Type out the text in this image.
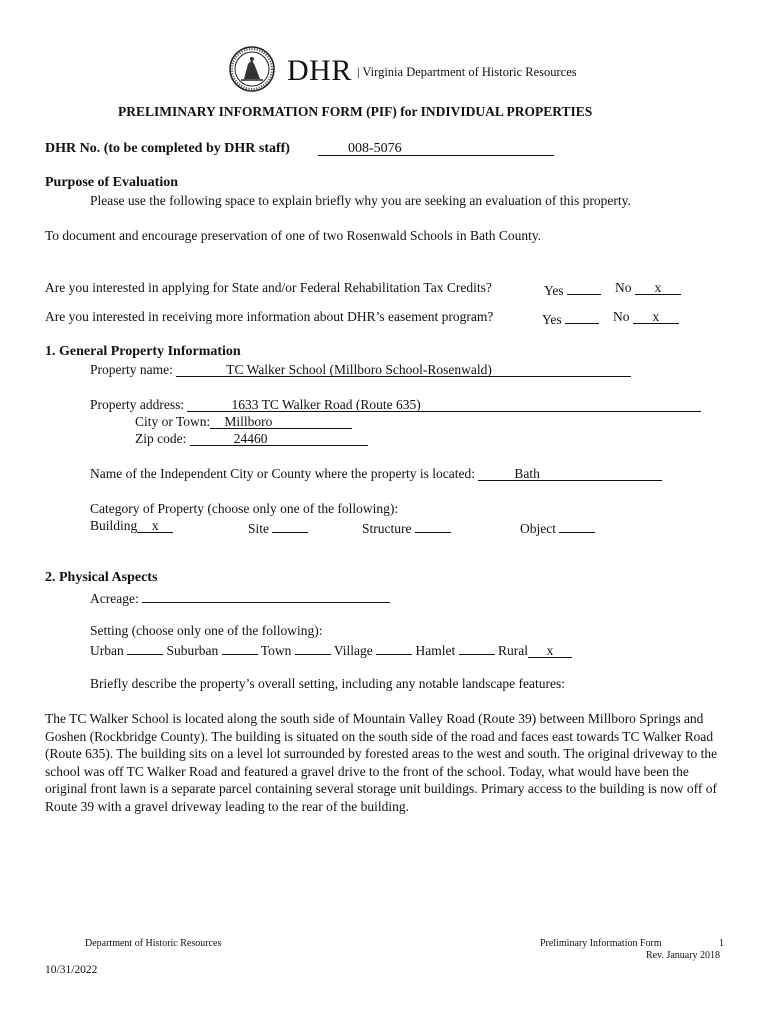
DHR | Virginia Department of Historic Resources
PRELIMINARY INFORMATION FORM (PIF) for INDIVIDUAL PROPERTIES
DHR No. (to be completed by DHR staff)	008-5076
Purpose of Evaluation
Please use the following space to explain briefly why you are seeking an evaluation of this property.
To document and encourage preservation of one of two Rosenwald Schools in Bath County.
Are you interested in applying for State and/or Federal Rehabilitation Tax Credits?	Yes	No x
Are you interested in receiving more information about DHR’s easement program?	Yes	No x
1. General Property Information
Property name:	TC Walker School (Millboro School-Rosenwald)
Property address:	1633 TC Walker Road (Route 635)
City or Town: Millboro
Zip code:	24460
Name of the Independent City or County where the property is located:	Bath
Category of Property (choose only one of the following):
Building x	Site	Structure	Object
2. Physical Aspects
Acreage:
Setting (choose only one of the following):
Urban	Suburban	Town	Village	Hamlet	Rural x
Briefly describe the property’s overall setting, including any notable landscape features:
The TC Walker School is located along the south side of Mountain Valley Road (Route 39) between Millboro Springs and Goshen (Rockbridge County). The building is situated on the south side of the road and faces east towards TC Walker Road (Route 635). The building sits on a level lot surrounded by forested areas to the west and south. The original driveway to the school was off TC Walker Road and featured a gravel drive to the front of the school. Today, what would have been the original front lawn is a separate parcel containing several storage unit buildings. Primary access to the building is now off of Route 39 with a gravel driveway leading to the rear of the building.
Department of Historic Resources	Preliminary Information Form	1
Rev. January 2018
10/31/2022
